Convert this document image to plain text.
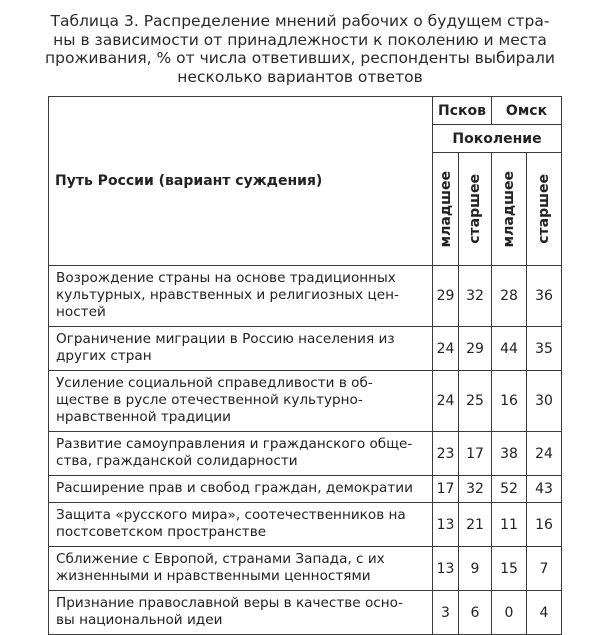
Таблица 3. Распределение мнений рабочих о будущем стра-
ны в зависимости от принадлежности к поколению и места
проживания, % от числа ответивших, респонденты выбирали
несколько вариантов ответов
Путь России (вариант суждения)	Псков		Омск	
	Поколение			

	младшее	старшее	младшее	старшее

Возрождение страны на основе традиционных
культурных, нравственных и религиозных цен-
ностей	29	32	28	36

Ограничение миграции в Россию населения из
других стран	24	29	44	35

Усиление социальной справедливости в об-
ществе в русле отечественной культурно-
нравственной традиции	24	25	16	30

Развитие самоуправления и гражданского обще-
ства, гражданской солидарности	23	17	38	24

Расширение прав и свобод граждан, демократии	17	32	52	43

Защита «русского мира», соотечественников на
постсоветском пространстве	13	21	11	16

Сближение с Европой, странами Запада, с их
жизненными и нравственными ценностями	13	9	15	7

Признание православной веры в качестве осно-
вы национальной идеи	3	6	0	4
